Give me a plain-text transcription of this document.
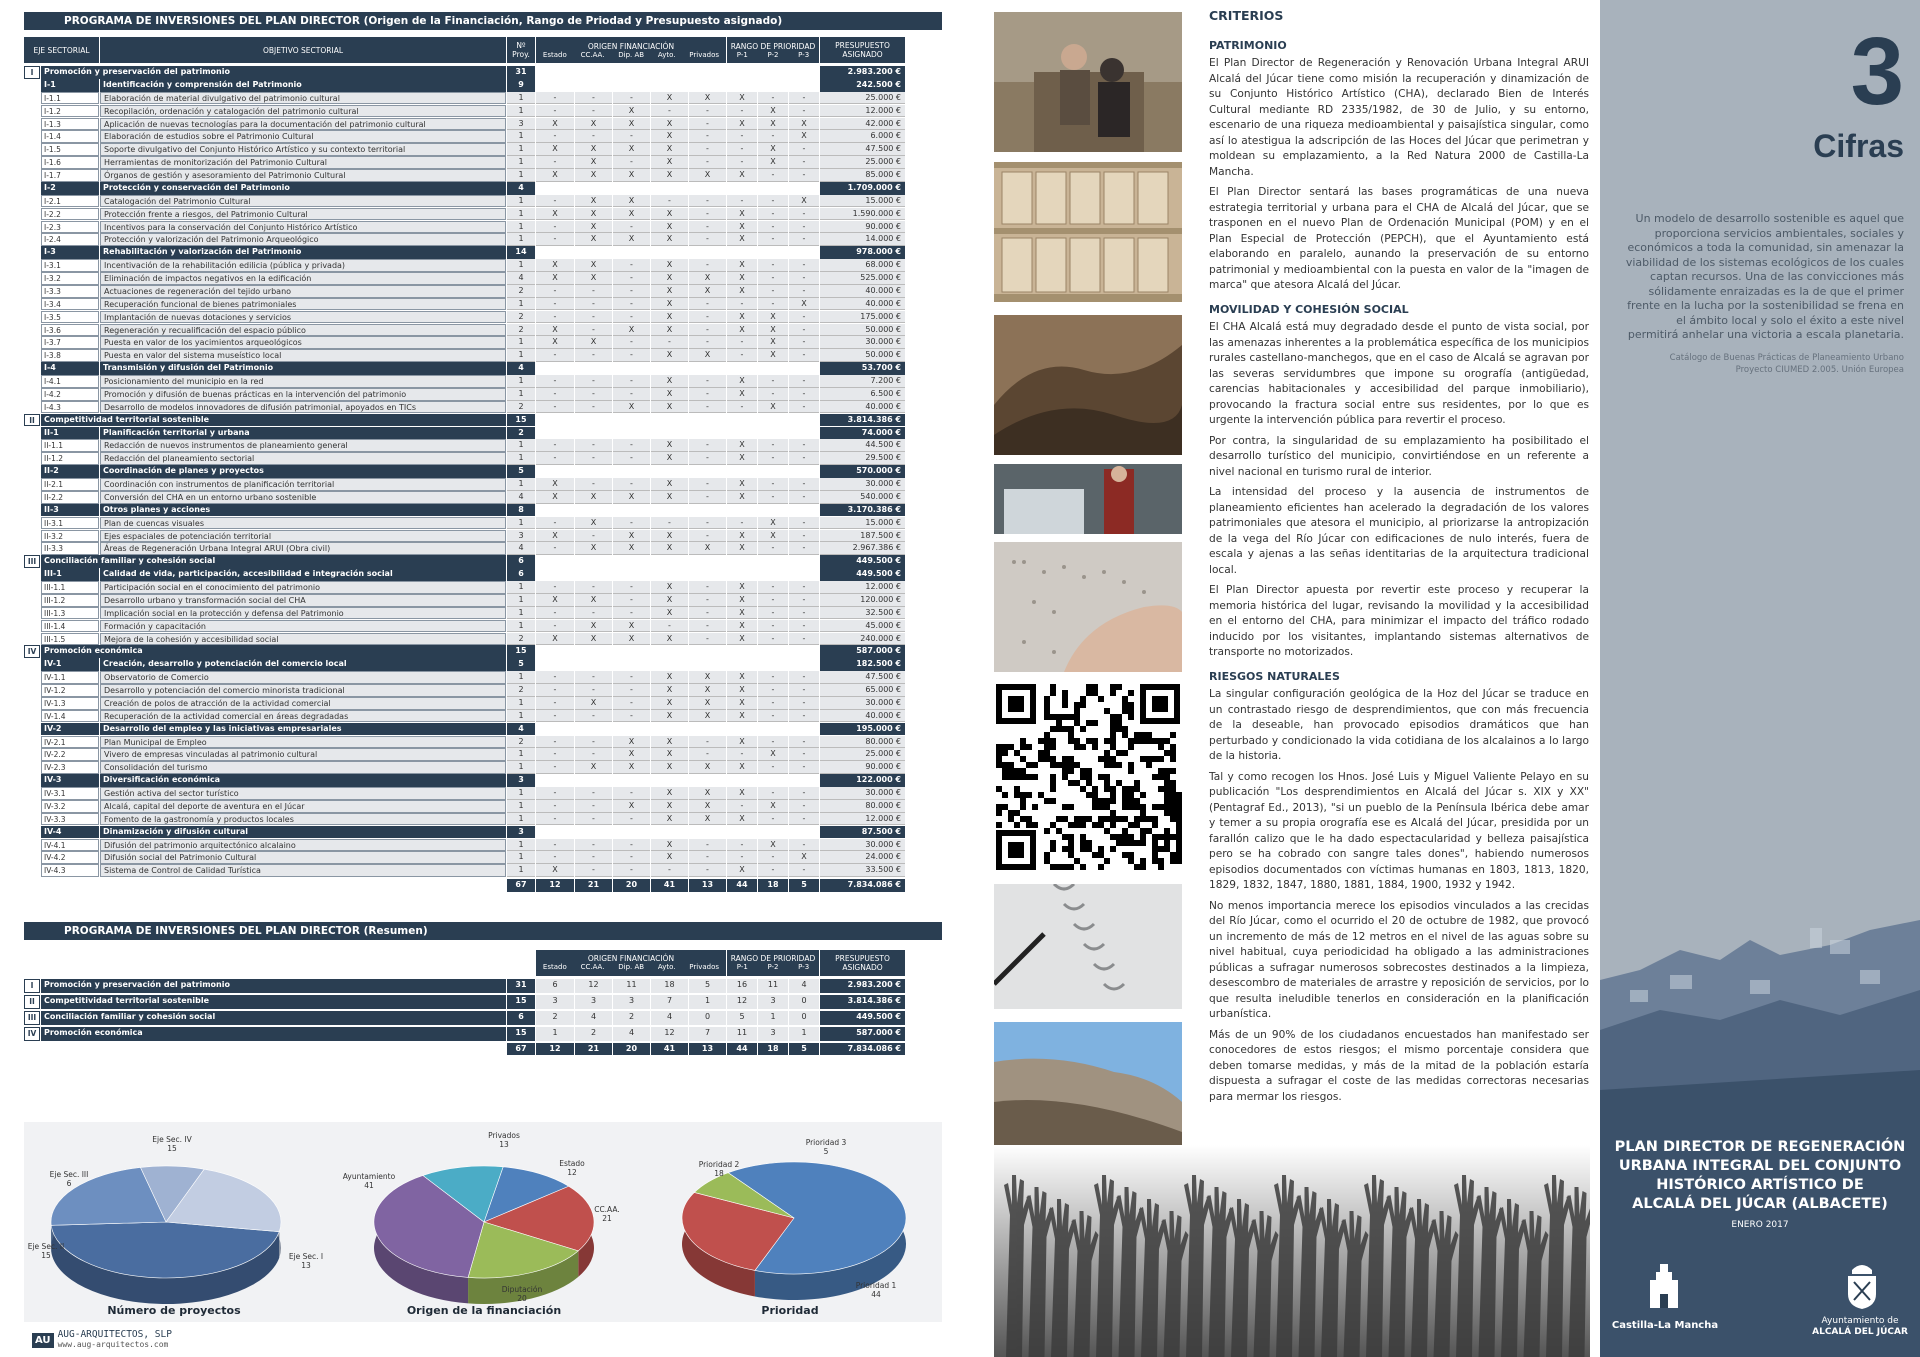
PROGRAMA DE INVERSIONES DEL PLAN DIRECTOR (Origen de la Financiación, Rango de Priodad y Presupuesto asignado)
EJE SECTORIAL	OBJETIVO SECTORIAL	Nº Proy.
ORIGEN FINANCIACIÓN
Estado CC.AA. Dip. AB Ayto. Privados
RANGO DE PRIORIDAD
P-1	P-2	P-3
PRESUPUESTO ASIGNADO
I	Promoción y preservación del patrimonio	31	2.983.200 €
I-1	Identificación y comprensión del Patrimonio	9	242.500 €
I-1.1	Elaboración de material divulgativo del patrimonio cultural	1	-	-	-	X	X	X	-	-	25.000 €
I-1.2	Recopilación, ordenación y catalogación del patrimonio cultural	1	-	-	X	-	-	-	X	-	12.000 €
I-1.3	Aplicación de nuevas tecnologías para la documentación del patrimonio cultural	3	X	X	X	X	-	X	X	X	42.000 €
I-1.4	Elaboración de estudios sobre el Patrimonio Cultural	1	-	-	-	X	-	-	-	X	6.000 €
I-1.5	Soporte divulgativo del Conjunto Histórico Artístico y su contexto territorial	1	X	X	X	X	-	-	X	-	47.500 €
I-1.6	Herramientas de monitorización del Patrimonio Cultural	1	-	X	-	X	-	-	X	-	25.000 €
I-1.7	Órganos de gestión y asesoramiento del Patrimonio Cultural	1	X	X	X	X	X	X	-	-	85.000 €
I-2	Protección y conservación del Patrimonio	4	1.709.000 €
I-2.1	Catalogación del Patrimonio Cultural	1	-	X	X	-	-	-	-	X	15.000 €
I-2.2	Protección frente a riesgos, del Patrimonio Cultural	1	X	X	X	X	-	X	-	-	1.590.000 €
I-2.3	Incentivos para la conservación del Conjunto Histórico Artístico	1	-	X	-	X	-	X	-	-	90.000 €
I-2.4	Protección y valorización del Patrimonio Arqueológico	1	-	X	X	X	-	X	-	-	14.000 €
I-3	Rehabilitación y valorización del Patrimonio	14	978.000 €
I-3.1	Incentivación de la rehabilitación edilicia (pública y privada)	1	X	X	-	X	-	X	-	-	68.000 €
I-3.2	Eliminación de impactos negativos en la edificación	4	X	X	-	X	X	X	-	-	525.000 €
I-3.3	Actuaciones de regeneración del tejido urbano	2	-	-	-	X	X	X	-	-	40.000 €
I-3.4	Recuperación funcional de bienes patrimoniales	1	-	-	-	X	-	-	-	X	40.000 €
I-3.5	Implantación de nuevas dotaciones y servicios	2	-	-	-	X	-	X	X	-	175.000 €
I-3.6	Regeneración y recualificación del espacio público	2	X	-	X	X	-	X	X	-	50.000 €
I-3.7	Puesta en valor de los yacimientos arqueológicos	1	X	X	-	-	-	-	X	-	30.000 €
I-3.8	Puesta en valor del sistema museístico local	1	-	-	-	X	X	-	X	-	50.000 €
I-4	Transmisión y difusión del Patrimonio	4	53.700 €
I-4.1	Posicionamiento del municipio en la red	1	-	-	-	X	-	X	-	-	7.200 €
I-4.2	Promoción y difusión de buenas prácticas en la intervención del patrimonio	1	-	-	-	X	-	X	-	-	6.500 €
I-4.3	Desarrollo de modelos innovadores de difusión patrimonial, apoyados en TICs	2	-	-	X	X	-	-	X	-	40.000 €
II	Competitividad territorial sostenible	15	3.814.386 €
II-1	Planificación territorial y urbana	2	74.000 €
II-1.1	Redacción de nuevos instrumentos de planeamiento general	1	-	-	-	X	-	X	-	-	44.500 €
II-1.2	Redacción del planeamiento sectorial	1	-	-	-	X	-	X	-	-	29.500 €
II-2	Coordinación de planes y proyectos	5	570.000 €
II-2.1	Coordinación con instrumentos de planificación territorial	1	X	-	-	X	-	X	-	-	30.000 €
II-2.2	Conversión del CHA en un entorno urbano sostenible	4	X	X	X	X	-	X	-	-	540.000 €
II-3	Otros planes y acciones	8	3.170.386 €
II-3.1	Plan de cuencas visuales	1	-	X	-	-	-	-	X	-	15.000 €
II-3.2	Ejes espaciales de potenciación territorial	3	X	-	X	X	-	X	X	-	187.500 €
II-3.3	Áreas de Regeneración Urbana Integral ARUI (Obra civil)	4	-	X	X	X	X	X	-	-	2.967.386 €
III Conciliación familiar y cohesión social	6	449.500 €
III-1	Calidad de vida, participación, accesibilidad e integración social	6	449.500 €
III-1.1	Participación social en el conocimiento del patrimonio	1	-	-	-	X	-	X	-	-	12.000 €
III-1.2	Desarrollo urbano y transformación social del CHA	1	X	X	-	X	-	X	-	-	120.000 €
III-1.3	Implicación social en la protección y defensa del Patrimonio	1	-	-	-	X	-	X	-	-	32.500 €
III-1.4	Formación y capacitación	1	-	X	X	-	-	X	-	-	45.000 €
III-1.5	Mejora de la cohesión y accesibilidad social	2	X	X	X	X	-	X	-	-	240.000 €
IV Promoción económica	15	587.000 €
IV-1	Creación, desarrollo y potenciación del comercio local	5	182.500 €
IV-1.1	Observatorio de Comercio	1	-	-	-	X	X	X	-	-	47.500 €
IV-1.2	Desarrollo y potenciación del comercio minorista tradicional	2	-	-	-	X	X	X	-	-	65.000 €
IV-1.3	Creación de polos de atracción de la actividad comercial	1	-	X	-	X	X	X	-	-	30.000 €
IV-1.4	Recuperación de la actividad comercial en áreas degradadas	1	-	-	-	X	X	X	-	-	40.000 €
IV-2	Desarrollo del empleo y las iniciativas empresariales	4	195.000 €
IV-2.1	Plan Municipal de Empleo	2	-	-	X	X	-	X	-	-	80.000 €
IV-2.2	Vivero de empresas vinculadas al patrimonio cultural	1	-	-	X	X	-	-	X	-	25.000 €
IV-2.3	Consolidación del turismo	1	-	X	X	X	X	X	-	-	90.000 €
IV-3	Diversificación económica	3	122.000 €
IV-3.1	Gestión activa del sector turístico	1	-	-	-	X	X	X	-	-	30.000 €
IV-3.2	Alcalá, capital del deporte de aventura en el Júcar	1	-	-	X	X	X	-	X	-	80.000 €
IV-3.3	Fomento de la gastronomía y productos locales	1	-	-	-	X	X	X	-	-	12.000 €
IV-4	Dinamización y difusión cultural	3	87.500 €
IV-4.1	Difusión del patrimonio arquitectónico alcalaino	1	-	-	-	X	-	-	X	-	30.000 €
IV-4.2	Difusión social del Patrimonio Cultural	1	-	-	-	X	-	-	-	X	24.000 €
IV-4.3	Sistema de Control de Calidad Turística	1	X	-	-	-	-	X	-	-	33.500 €
67	12	21	20	41	13	44	18	5	7.834.086 €
PROGRAMA DE INVERSIONES DEL PLAN DIRECTOR (Resumen)
ORIGEN FINANCIACIÓN
Estado CC.AA. Dip. AB Ayto. Privados
RANGO DE PRIORIDAD
P-1	P-2	P-3
PRESUPUESTO ASIGNADO
I	Promoción y preservación del patrimonio	31	6	12	11	18	5	16	11	4	2.983.200 €
II	Competitividad territorial sostenible	15	3	3	3	7	1	12	3	0	3.814.386 €
III Conciliación familiar y cohesión social	6	2	4	2	4	0	5	1	0	449.500 €
IV Promoción económica	15	1	2	4	12	7	11	3	1	587.000 €
67	12	21	20	41	13	44	18	5	7.834.086 €
Eje Sec. I
13
Eje Sec. II
15
Eje Sec. III
6
Eje Sec. IV
15
Número de proyectos
Estado
12
CC.AA.
21
Diputación
20
Ayuntamiento
41
Privados
13
Origen de la financiación
Prioridad 1
44
Prioridad 2
18
Prioridad 3
5
Prioridad
AU AUG-ARQUITECTOS, SLP
www.aug-arquitectos.com
CRITERIOS
PATRIMONIO

El Plan Director de Regeneración y Renovación Urbana Integral ARUI Alcalá del Júcar tiene como misión la recuperación y dinamización de su Conjunto Histórico Artístico (CHA), declarado Bien de Interés Cultural mediante RD 2335/1982, de 30 de Julio, y su entorno, escenario de una riqueza medioambiental y paisajística singular, como así lo atestigua la adscripción de las Hoces del Júcar que perimetran y moldean su emplazamiento, a la Red Natura 2000 de Castilla-La Mancha.

El Plan Director sentará las bases programáticas de una nueva estrategia territorial y urbana para el CHA de Alcalá del Júcar, que se trasponen en el nuevo Plan de Ordenación Municipal (POM) y en el Plan Especial de Protección (PEPCH), que el Ayuntamiento está elaborando en paralelo, aunando la preservación de su entorno patrimonial y medioambiental con la puesta en valor de la "imagen de marca" que atesora Alcalá del Júcar.

MOVILIDAD Y COHESIÓN SOCIAL

El CHA Alcalá está muy degradado desde el punto de vista social, por las amenazas inherentes a la problemática específica de los municipios rurales castellano-manchegos, que en el caso de Alcalá se agravan por las severas servidumbres que impone su orografía (antigüedad, carencias habitacionales y accesibilidad del parque inmobiliario), provocando la fractura social entre sus residentes, por lo que es urgente la intervención pública para revertir el proceso.

Por contra, la singularidad de su emplazamiento ha posibilitado el desarrollo turístico del municipio, convirtiéndose en un referente a nivel nacional en turismo rural de interior.

La intensidad del proceso y la ausencia de instrumentos de planeamiento eficientes han acelerado la degradación de los valores patrimoniales que atesora el municipio, al priorizarse la antropización de la vega del Río Júcar con edificaciones de nulo interés, fuera de escala y ajenas a las señas identitarias de la arquitectura tradicional local.

El Plan Director apuesta por revertir este proceso y recuperar la memoria histórica del lugar, revisando la movilidad y la accesibilidad en el entorno del CHA, para minimizar el impacto del tráfico rodado inducido por los visitantes, implantando sistemas alternativos de transporte no motorizados.

RIESGOS NATURALES

La singular configuración geológica de la Hoz del Júcar se traduce en un contrastado riesgo de desprendimientos, que con más frecuencia de la deseable, han provocado episodios dramáticos que han perturbado y condicionado la vida cotidiana de los alcalainos a lo largo de la historia.

Tal y como recogen los Hnos. José Luis y Miguel Valiente Pelayo en su publicación "Los desprendimientos en Alcalá del Júcar s. XIX y XX" (Pentagraf Ed., 2013), "si un pueblo de la Península Ibérica debe amar y temer a su propia orografía ese es Alcalá del Júcar, presidida por un farallón calizo que le ha dado espectacularidad y belleza paisajística pero se ha cobrado con sangre tales dones", habiendo numerosos episodios documentados con víctimas humanas en 1803, 1813, 1820, 1829, 1832, 1847, 1880, 1881, 1884, 1900, 1932 y 1942.

No menos importancia merece los episodios vinculados a las crecidas del Río Júcar, como el ocurrido el 20 de octubre de 1982, que provocó un incremento de más de 12 metros en el nivel de las aguas sobre su nivel habitual, cuya periodicidad ha obligado a las administraciones públicas a sufragar numerosos sobrecostes destinados a la limpieza, desescombro de materiales de arrastre y reposición de servicios, por lo que resulta ineludible tenerlos en consideración en la planificación urbanística.

Más de un 90% de los ciudadanos encuestados han manifestado ser conocedores de estos riesgos; el mismo porcentaje considera que deben tomarse medidas, y más de la mitad de la población estaría dispuesta a sufragar el coste de las medidas correctoras necesarias para mermar los riesgos.

3
Cifras
Un modelo de desarrollo sostenible es aquel que proporciona servicios ambientales, sociales y económicos a toda la comunidad, sin amenazar la viabilidad de los sistemas ecológicos de los cuales captan recursos. Una de las convicciones más sólidamente enraizadas es la de que el primer frente en la lucha por la sostenibilidad se frena en el ámbito local y solo el éxito a este nivel permitirá anhelar una victoria a escala planetaria.
Catálogo de Buenas Prácticas de Planeamiento Urbano
Proyecto CIUMED 2.005. Unión Europea
PLAN DIRECTOR DE REGENERACIÓN
URBANA INTEGRAL DEL CONJUNTO
HISTÓRICO ARTÍSTICO DE
ALCALÁ DEL JÚCAR (ALBACETE)
ENERO 2017
Castilla-La Mancha	Ayuntamiento de
ALCALÁ DEL JÚCAR
